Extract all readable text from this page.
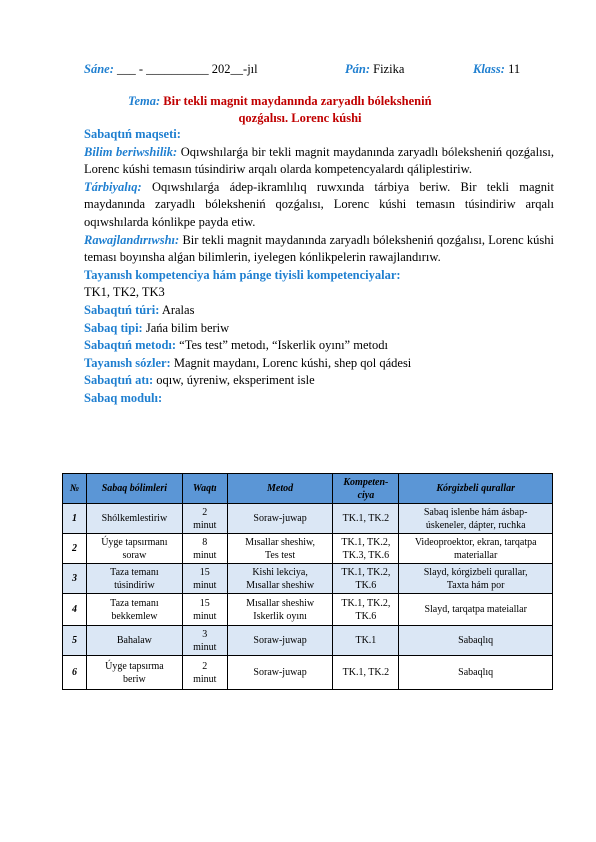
Sáne: ___ - __________ 202__-jıl	Pán: Fizika	Klass: 11
Tema: Bir tekli magnit maydanında zaryadlı bóleksheniń
qozǵalısı. Lorenc kúshi

Sabaqtıń maqseti:

Bilim beriwshilik: Oqıwshılarǵa bir tekli magnit maydanında zaryadlı bóleksheniń qozǵalısı, Lorenc kúshi temasın túsindiriw arqalı olarda kompetencyalardı qáliplestiriw.

Tárbiyalıq: Oqıwshılarǵa ádep-ikramlılıq ruwxında tárbiya beriw. Bir tekli magnit maydanında zaryadlı bóleksheniń qozǵalısı, Lorenc kúshi temasın túsindiriw arqalı oqıwshılarda kónlikpe payda etiw.

Rawajlandırıwshı: Bir tekli magnit maydanında zaryadlı bóleksheniń qozǵalısı, Lorenc kúshi teması boyınsha alǵan bilimlerin, iyelegen kónlikpelerin rawajlandırıw.

Tayanısh kompetenciya hám pánge tiyisli kompetenciyalar:

TK1, TK2, TK3

Sabaqtıń túri: Aralas

Sabaq tipi: Jańa bilim beriw

Sabaqtıń metodı: “Tes test” metodı, “Iskerlik oyını” metodı

Tayanısh sózler: Magnit maydanı, Lorenc kúshi, shep qol qádesi

Sabaqtıń atı: oqıw, úyreniw, eksperiment isle

Sabaq modulı:

№	Sabaq bólimleri	Waqtı	Metod	Kompeten-
ciya	Kórgizbeli qurallar
1	Shólkemlestiriw	2
minut	Soraw-juwap	TK.1, TK.2	Sabaq islenbe hám ásbap-
úskeneler, dápter, ruchka
2	Úyge tapsırmanı
soraw	8
minut	Mısallar sheshiw,
Tes test	TK.1, TK.2,
TK.3, TK.6	Videoproektor, ekran, tarqatpa
materiallar
3	Taza temanı
túsindiriw	15
minut	Kishi lekciya,
Mısallar sheshiw	TK.1, TK.2,
TK.6	Slayd, kórgizbeli qurallar,
Taxta hám por
4	Taza temanı
bekkemlew	15
minut	Mısallar sheshiw
Iskerlik oyını	TK.1, TK.2,
TK.6	Slayd, tarqatpa mateiallar
5	Bahalaw	3
minut	Soraw-juwap	TK.1	Sabaqlıq
6	Úyge tapsırma
beriw	2
minut	Soraw-juwap	TK.1, TK.2	Sabaqlıq
